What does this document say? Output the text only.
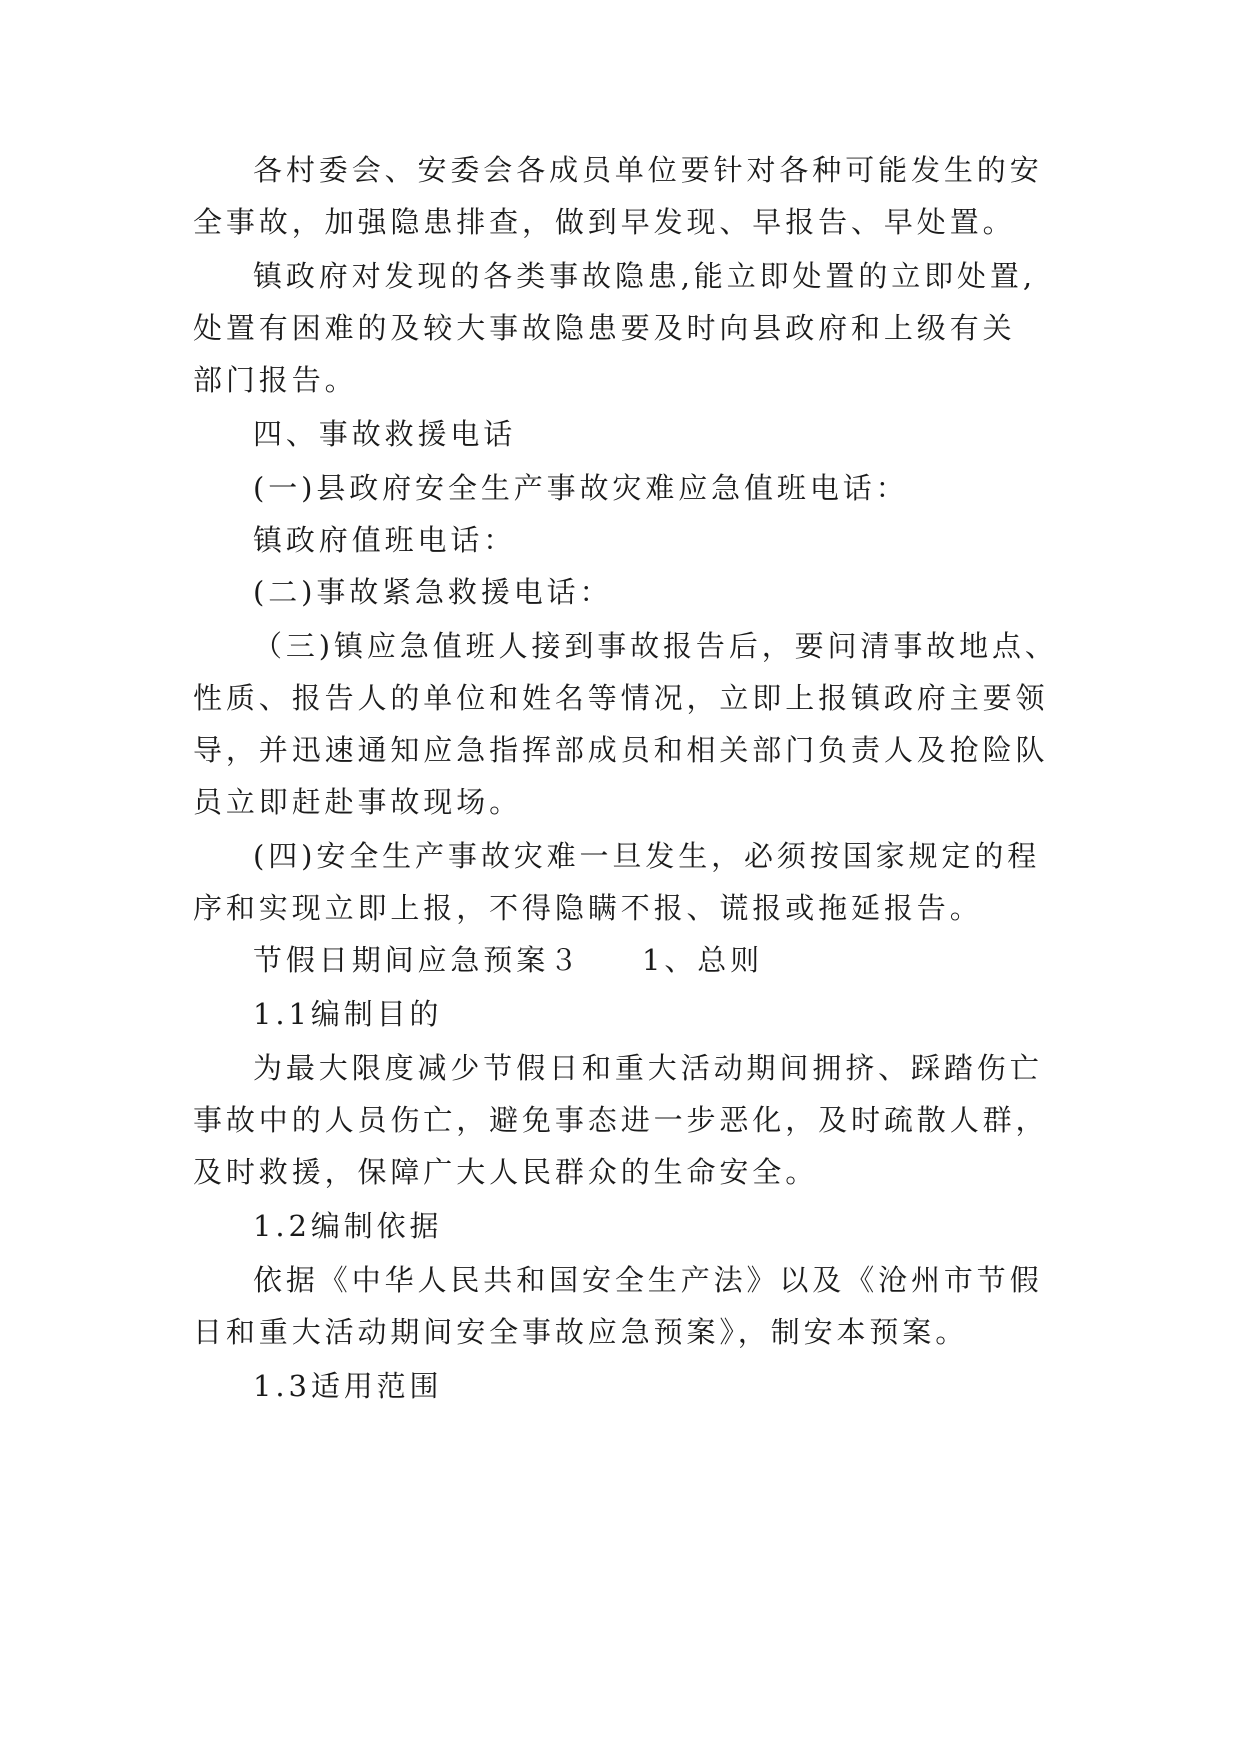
各村委会、安委会各成员单位要针对各种可能发生的安
全事故，加强隐患排查，做到早发现、早报告、早处置。
镇政府对发现的各类事故隐患,能立即处置的立即处置,
处置有困难的及较大事故隐患要及时向县政府和上级有关
部门报告。
四、事故救援电话
(一)县政府安全生产事故灾难应急值班电话：
镇政府值班电话：
(二)事故紧急救援电话：
（三)镇应急值班人接到事故报告后，要问清事故地点、
性质、报告人的单位和姓名等情况，立即上报镇政府主要领
导，并迅速通知应急指挥部成员和相关部门负责人及抢险队
员立即赶赴事故现场。
(四)安全生产事故灾难一旦发生，必须按国家规定的程
序和实现立即上报，不得隐瞒不报、谎报或拖延报告。
节假日期间应急预案３ 1、总则
1.1编制目的
为最大限度减少节假日和重大活动期间拥挤、踩踏伤亡
事故中的人员伤亡，避免事态进一步恶化，及时疏散人群，
及时救援，保障广大人民群众的生命安全。
1.2编制依据
依据《中华人民共和国安全生产法》以及《沧州市节假
日和重大活动期间安全事故应急预案》，制安本预案。
1.3适用范围
